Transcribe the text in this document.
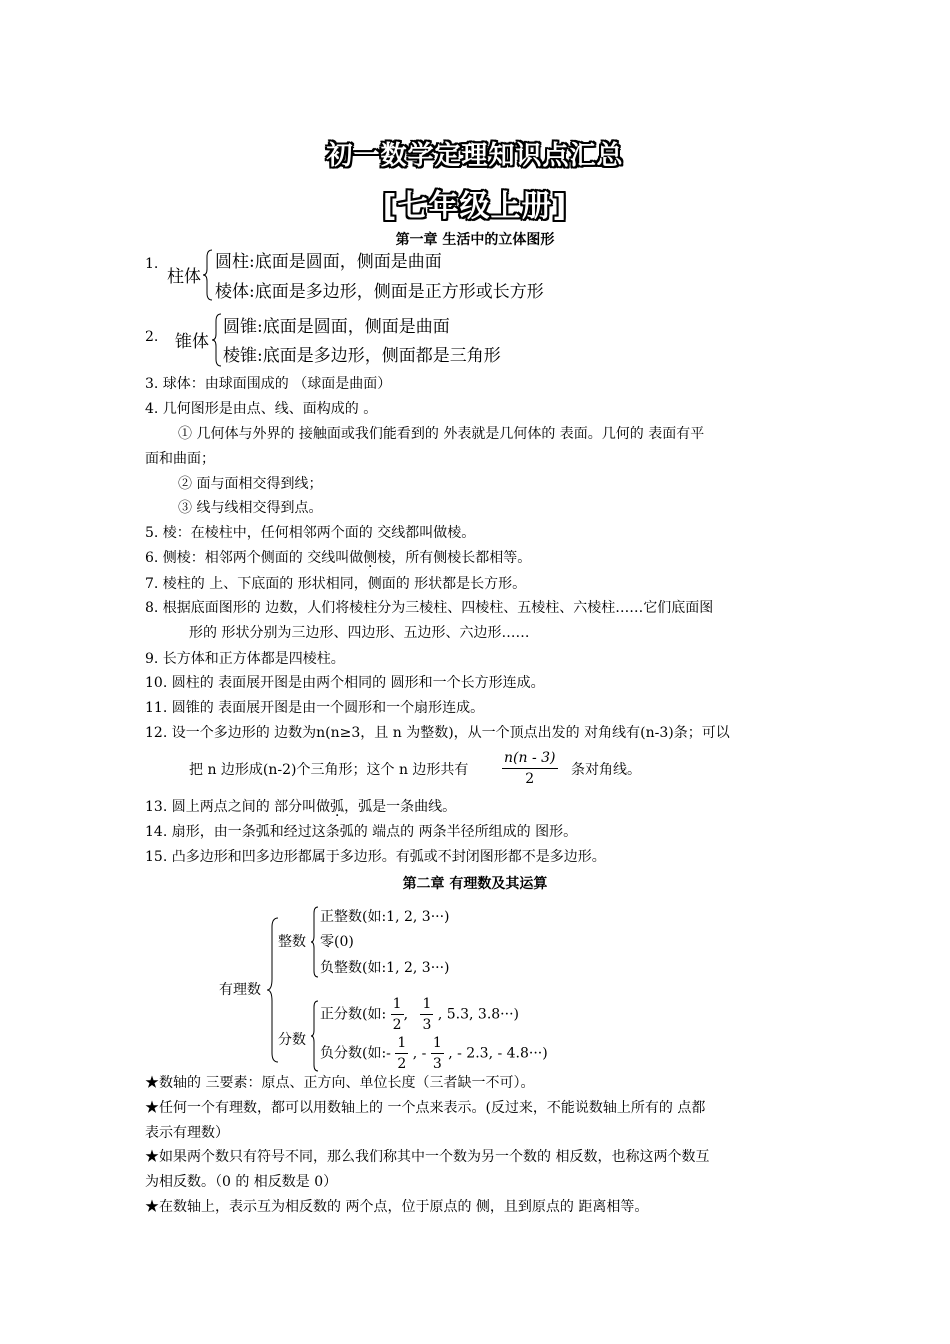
初一数学定理知识点汇总
[七年级上册]
第一章 生活中的立体图形
1.
柱体
圆柱:底面是圆面，侧面是曲面
棱体:底面是多边形，侧面是正方形或长方形
2. 锥体
圆锥:底面是圆面，侧面是曲面
棱锥:底面是多边形，侧面都是三角形
3. 球体：由球面围成的 （球面是曲面）
4. 几何图形是由点、线、面构成的 。
① 几何体与外界的 接触面或我们能看到的 外表就是几何体的 表面。几何的 表面有平
面和曲面；
② 面与面相交得到线；
③ 线与线相交得到点。
5. 棱：在棱柱中，任何相邻两个面的 交线都叫做棱。
6. 侧棱：相邻两个侧面的 交线叫做侧棱，所有侧棱长都相等。
7. 棱柱的 上、下底面的 形状相同，侧面的 形状都是长方形。
8. 根据底面图形的 边数，人们将棱柱分为三棱柱、四棱柱、五棱柱、六棱柱……它们底面图
形的 形状分别为三边形、四边形、五边形、六边形……
9. 长方体和正方体都是四棱柱。
10. 圆柱的 表面展开图是由两个相同的 圆形和一个长方形连成。
11. 圆锥的 表面展开图是由一个圆形和一个扇形连成。
12. 设一个多边形的 边数为n(n≥3，且 n 为整数)，从一个顶点出发的 对角线有(n-3)条；可以
把 n 边形成(n-2)个三角形；这个 n 边形共有 $\frac{n(n - 3)}{2}$ 条对角线。
13. 圆上两点之间的 部分叫做弧，弧是一条曲线。
14. 扇形，由一条弧和经过这条弧的 端点的 两条半径所组成的 图形。
15. 凸多边形和凹多边形都属于多边形。有弧或不封闭图形都不是多边形。
第二章 有理数及其运算
有理数
整数
正整数(如:1, 2, 3···)
零(0)
负整数(如:1, 2, 3···)
分数
正分数(如: $\frac{1}{2}$ , $\frac{1}{3}$ , 5.3, 3.8···)
负分数(如:- $\frac{1}{2}$ , - $\frac{1}{3}$ , - 2.3, - 4.8···)
★数轴的 三要素：原点、正方向、单位长度（三者缺一不可）。
★任何一个有理数，都可以用数轴上的 一个点来表示。(反过来，不能说数轴上所有的 点都
表示有理数）
★如果两个数只有符号不同，那么我们称其中一个数为另一个数的 相反数，也称这两个数互
为相反数。（0 的 相反数是 0）
★在数轴上，表示互为相反数的 两个点，位于原点的 侧，且到原点的 距离相等。
